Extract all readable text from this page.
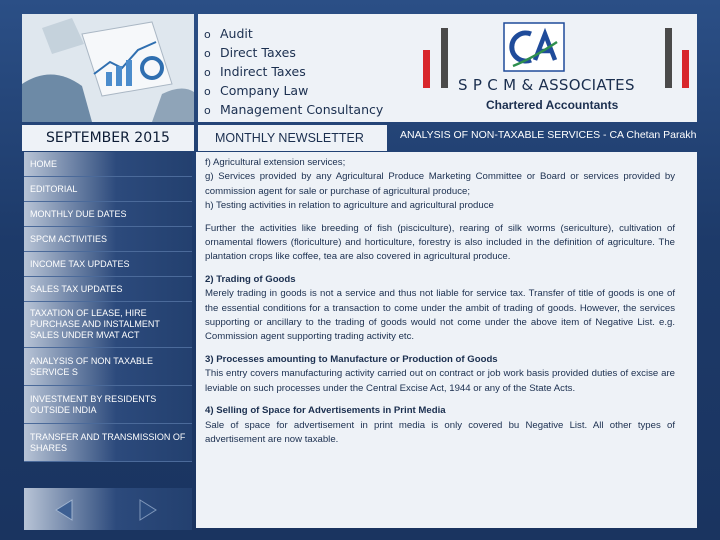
o Audit
o Direct Taxes
o Indirect Taxes
o Company Law
o Management Consultancy
S P C M & ASSOCIATES
Chartered Accountants
SEPTEMBER 2015	MONTHLY NEWSLETTER	ANALYSIS OF NON-TAXABLE SERVICES - CA Chetan Parakh
HOME
EDITORIAL
MONTHLY DUE DATES
SPCM ACTIVITIES
INCOME TAX UPDATES
SALES TAX UPDATES
TAXATION OF LEASE, HIRE PURCHASE AND INSTALMENT SALES UNDER MVAT ACT
ANALYSIS OF NON TAXABLE SERVICE S
INVESTMENT BY RESIDENTS OUTSIDE INDIA
TRANSFER AND TRANSMISSION OF SHARES

f) Agricultural extension services;

g) Services provided by any Agricultural Produce Marketing Committee or Board or services provided by commission agent for sale or purchase of agricultural produce;

h) Testing activities in relation to agriculture and agricultural produce

Further the activities like breeding of fish (pisciculture), rearing of silk worms (sericulture), cultivation of ornamental flowers (floriculture) and horticulture, forestry is also included in the definition of agriculture. The plantation crops like coffee, tea are also covered in agricultural produce.

2) Trading of Goods

Merely trading in goods is not a service and thus not liable for service tax. Transfer of title of goods is one of the essential conditions for a transaction to come under the ambit of trading of goods. However, the services supporting or ancillary to the trading of goods would not come under the above item of Negative List. e.g. Commission agent supporting trading activity etc.

3) Processes amounting to Manufacture or Production of Goods

This entry covers manufacturing activity carried out on contract or job work basis provided duties of excise are leviable on such processes under the Central Excise Act, 1944 or any of the State Acts.

4) Selling of Space for Advertisements in Print Media

Sale of space for advertisement in print media is only covered bu Negative List. All other types of advertisement are now taxable.
